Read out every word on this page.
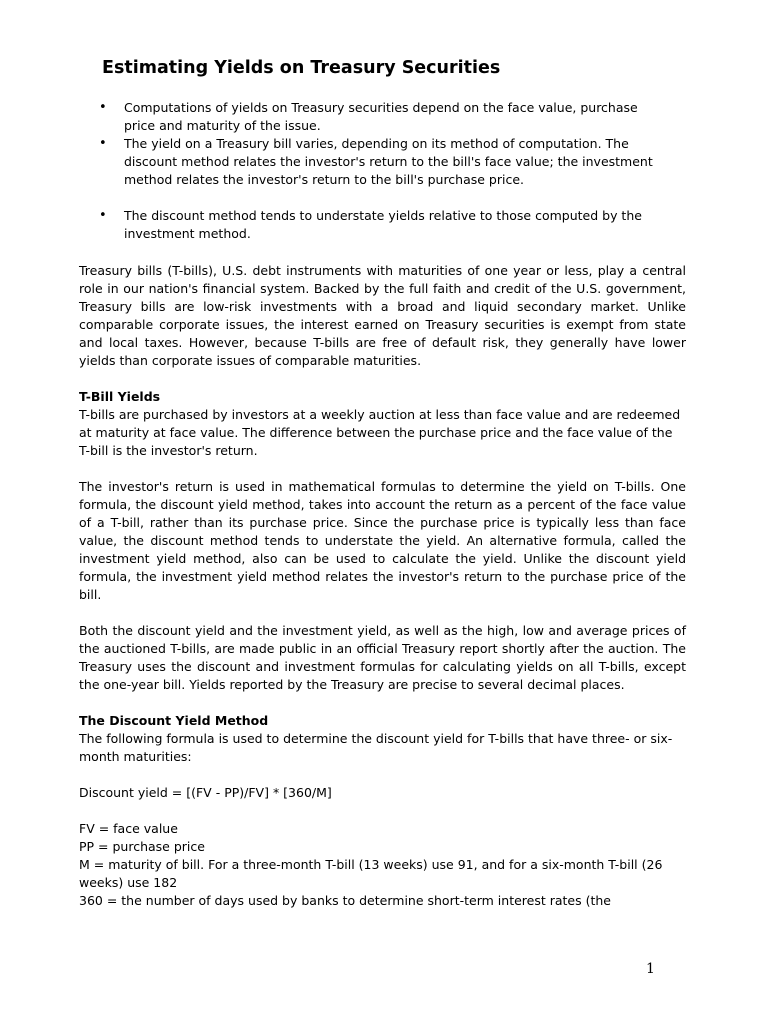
Estimating Yields on Treasury Securities
• Computations of yields on Treasury securities depend on the face value, purchase price and maturity of the issue.
• The yield on a Treasury bill varies, depending on its method of computation. The discount method relates the investor's return to the bill's face value; the investment method relates the investor's return to the bill's purchase price.
• The discount method tends to understate yields relative to those computed by the investment method.

Treasury bills (T-bills), U.S. debt instruments with maturities of one year or less, play a central role in our nation's financial system. Backed by the full faith and credit of the U.S. government, Treasury bills are low-risk investments with a broad and liquid secondary market. Unlike comparable corporate issues, the interest earned on Treasury securities is exempt from state and local taxes. However, because T-bills are free of default risk, they generally have lower yields than corporate issues of comparable maturities.

T-Bill Yields
T-bills are purchased by investors at a weekly auction at less than face value and are redeemed at maturity at face value. The difference between the purchase price and the face value of the T-bill is the investor's return.

The investor's return is used in mathematical formulas to determine the yield on T-bills. One formula, the discount yield method, takes into account the return as a percent of the face value of a T-bill, rather than its purchase price. Since the purchase price is typically less than face value, the discount method tends to understate the yield. An alternative formula, called the investment yield method, also can be used to calculate the yield. Unlike the discount yield formula, the investment yield method relates the investor's return to the purchase price of the bill.

Both the discount yield and the investment yield, as well as the high, low and average prices of the auctioned T-bills, are made public in an official Treasury report shortly after the auction. The Treasury uses the discount and investment formulas for calculating yields on all T-bills, except the one-year bill. Yields reported by the Treasury are precise to several decimal places.

The Discount Yield Method
The following formula is used to determine the discount yield for T-bills that have three- or six-month maturities:

Discount yield = [(FV - PP)/FV] * [360/M]

FV = face value
PP = purchase price
M = maturity of bill. For a three-month T-bill (13 weeks) use 91, and for a six-month T-bill (26 weeks) use 182
360 = the number of days used by banks to determine short-term interest rates (the
1
